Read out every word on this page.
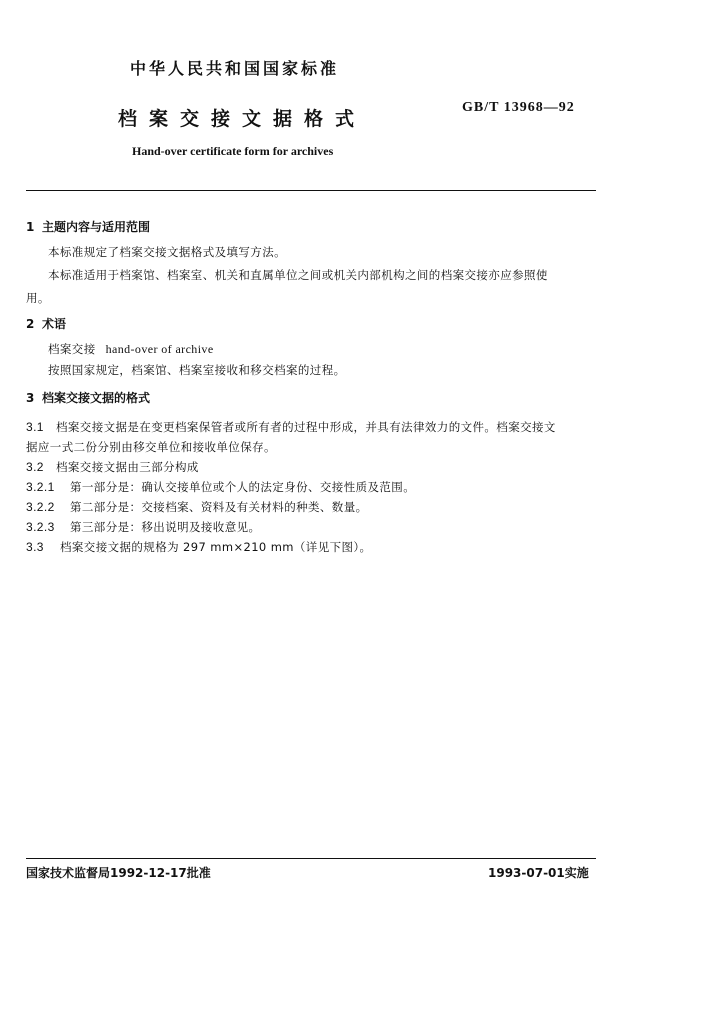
中华人民共和国国家标准
档案交接文据格式
GB/T 13968—92
Hand-over certificate form for archives
1 主题内容与适用范围
本标准规定了档案交接文据格式及填写方法。
本标准适用于档案馆、档案室、机关和直属单位之间或机关内部机构之间的档案交接亦应参照使
用。
2 术语
档案交接 hand-over of archive
按照国家规定，档案馆、档案室接收和移交档案的过程。
3 档案交接文据的格式
3.1 档案交接文据是在变更档案保管者或所有者的过程中形成，并具有法律效力的文件。档案交接文
据应一式二份分别由移交单位和接收单位保存。
3.2 档案交接文据由三部分构成
3.2.1 第一部分是：确认交接单位或个人的法定身份、交接性质及范围。
3.2.2 第二部分是：交接档案、资料及有关材料的种类、数量。
3.2.3 第三部分是：移出说明及接收意见。
3.3 档案交接文据的规格为 297 mm×210 mm（详见下图）。
国家技术监督局1992-12-17批准	1993-07-01实施
